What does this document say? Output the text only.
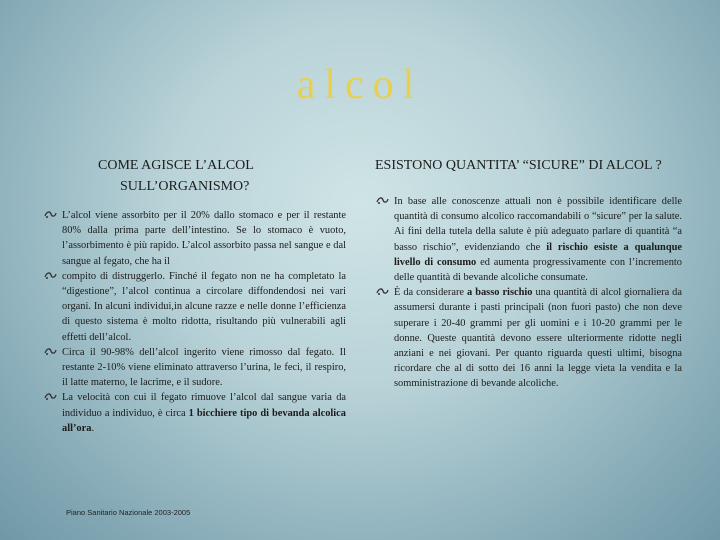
alcol
COME AGISCE L’ALCOL
SULL’ORGANISMO?
ESISTONO QUANTITA’ “SICURE” DI ALCOL ?
L’alcol viene assorbito per il 20% dallo stomaco e per il restante 80% dalla prima parte dell’intestino. Se lo stomaco è vuoto, l’assorbimento è più rapido. L’alcol assorbito passa nel sangue e dal sangue al fegato, che ha il
compito di distruggerlo. Finché il fegato non ne ha completato la “digestione”, l’alcol continua a circolare diffondendosi nei vari organi. In alcuni individui,in alcune razze e nelle donne l’efficienza di questo sistema è molto ridotta, risultando più vulnerabili agli effetti dell’alcol.
Circa il 90-98% dell’alcol ingerito viene rimosso dal fegato. Il restante 2-10% viene eliminato attraverso l’urina, le feci, il respiro, il latte materno, le lacrime, e il sudore.
La velocità con cui il fegato rimuove l’alcol dal sangue varia da individuo a individuo, è circa 1 bicchiere tipo di bevanda alcolica all’ora.
In base alle conoscenze attuali non è possibile identificare delle quantità di consumo alcolico raccomandabili o “sicure” per la salute. Ai fini della tutela della salute è più adeguato parlare di quantità “a basso rischio”, evidenziando che il rischio esiste a qualunque livello di consumo ed aumenta progressivamente con l’incremento delle quantità di bevande alcoliche consumate.
È da considerare a basso rischio una quantità di alcol giornaliera da assumersi durante i pasti principali (non fuori pasto) che non deve superare i 20-40 grammi per gli uomini e i 10-20 grammi per le donne. Queste quantità devono essere ulteriormente ridotte negli anziani e nei giovani. Per quanto riguarda questi ultimi, bisogna ricordare che al di sotto dei 16 anni la legge vieta la vendita e la somministrazione di bevande alcoliche.
Piano Sanitario Nazionale 2003-2005
